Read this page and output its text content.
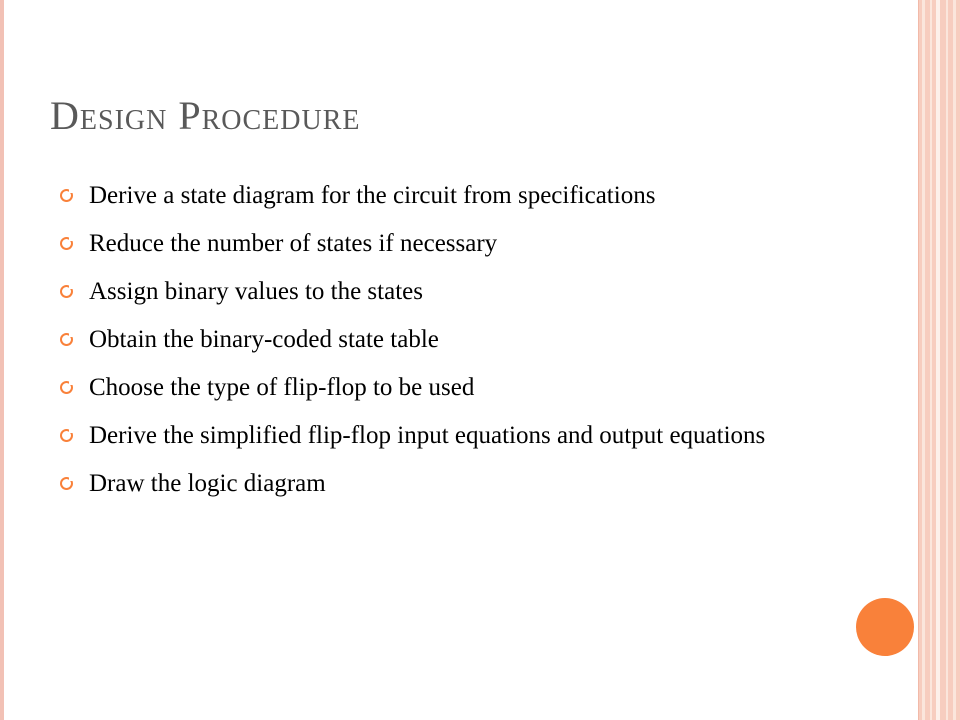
Design Procedure
Derive a state diagram for the circuit from specifications
Reduce the number of states if necessary
Assign binary values to the states
Obtain the binary-coded state table
Choose the type of flip-flop to be used
Derive the simplified flip-flop input equations and output equations
Draw the logic diagram
